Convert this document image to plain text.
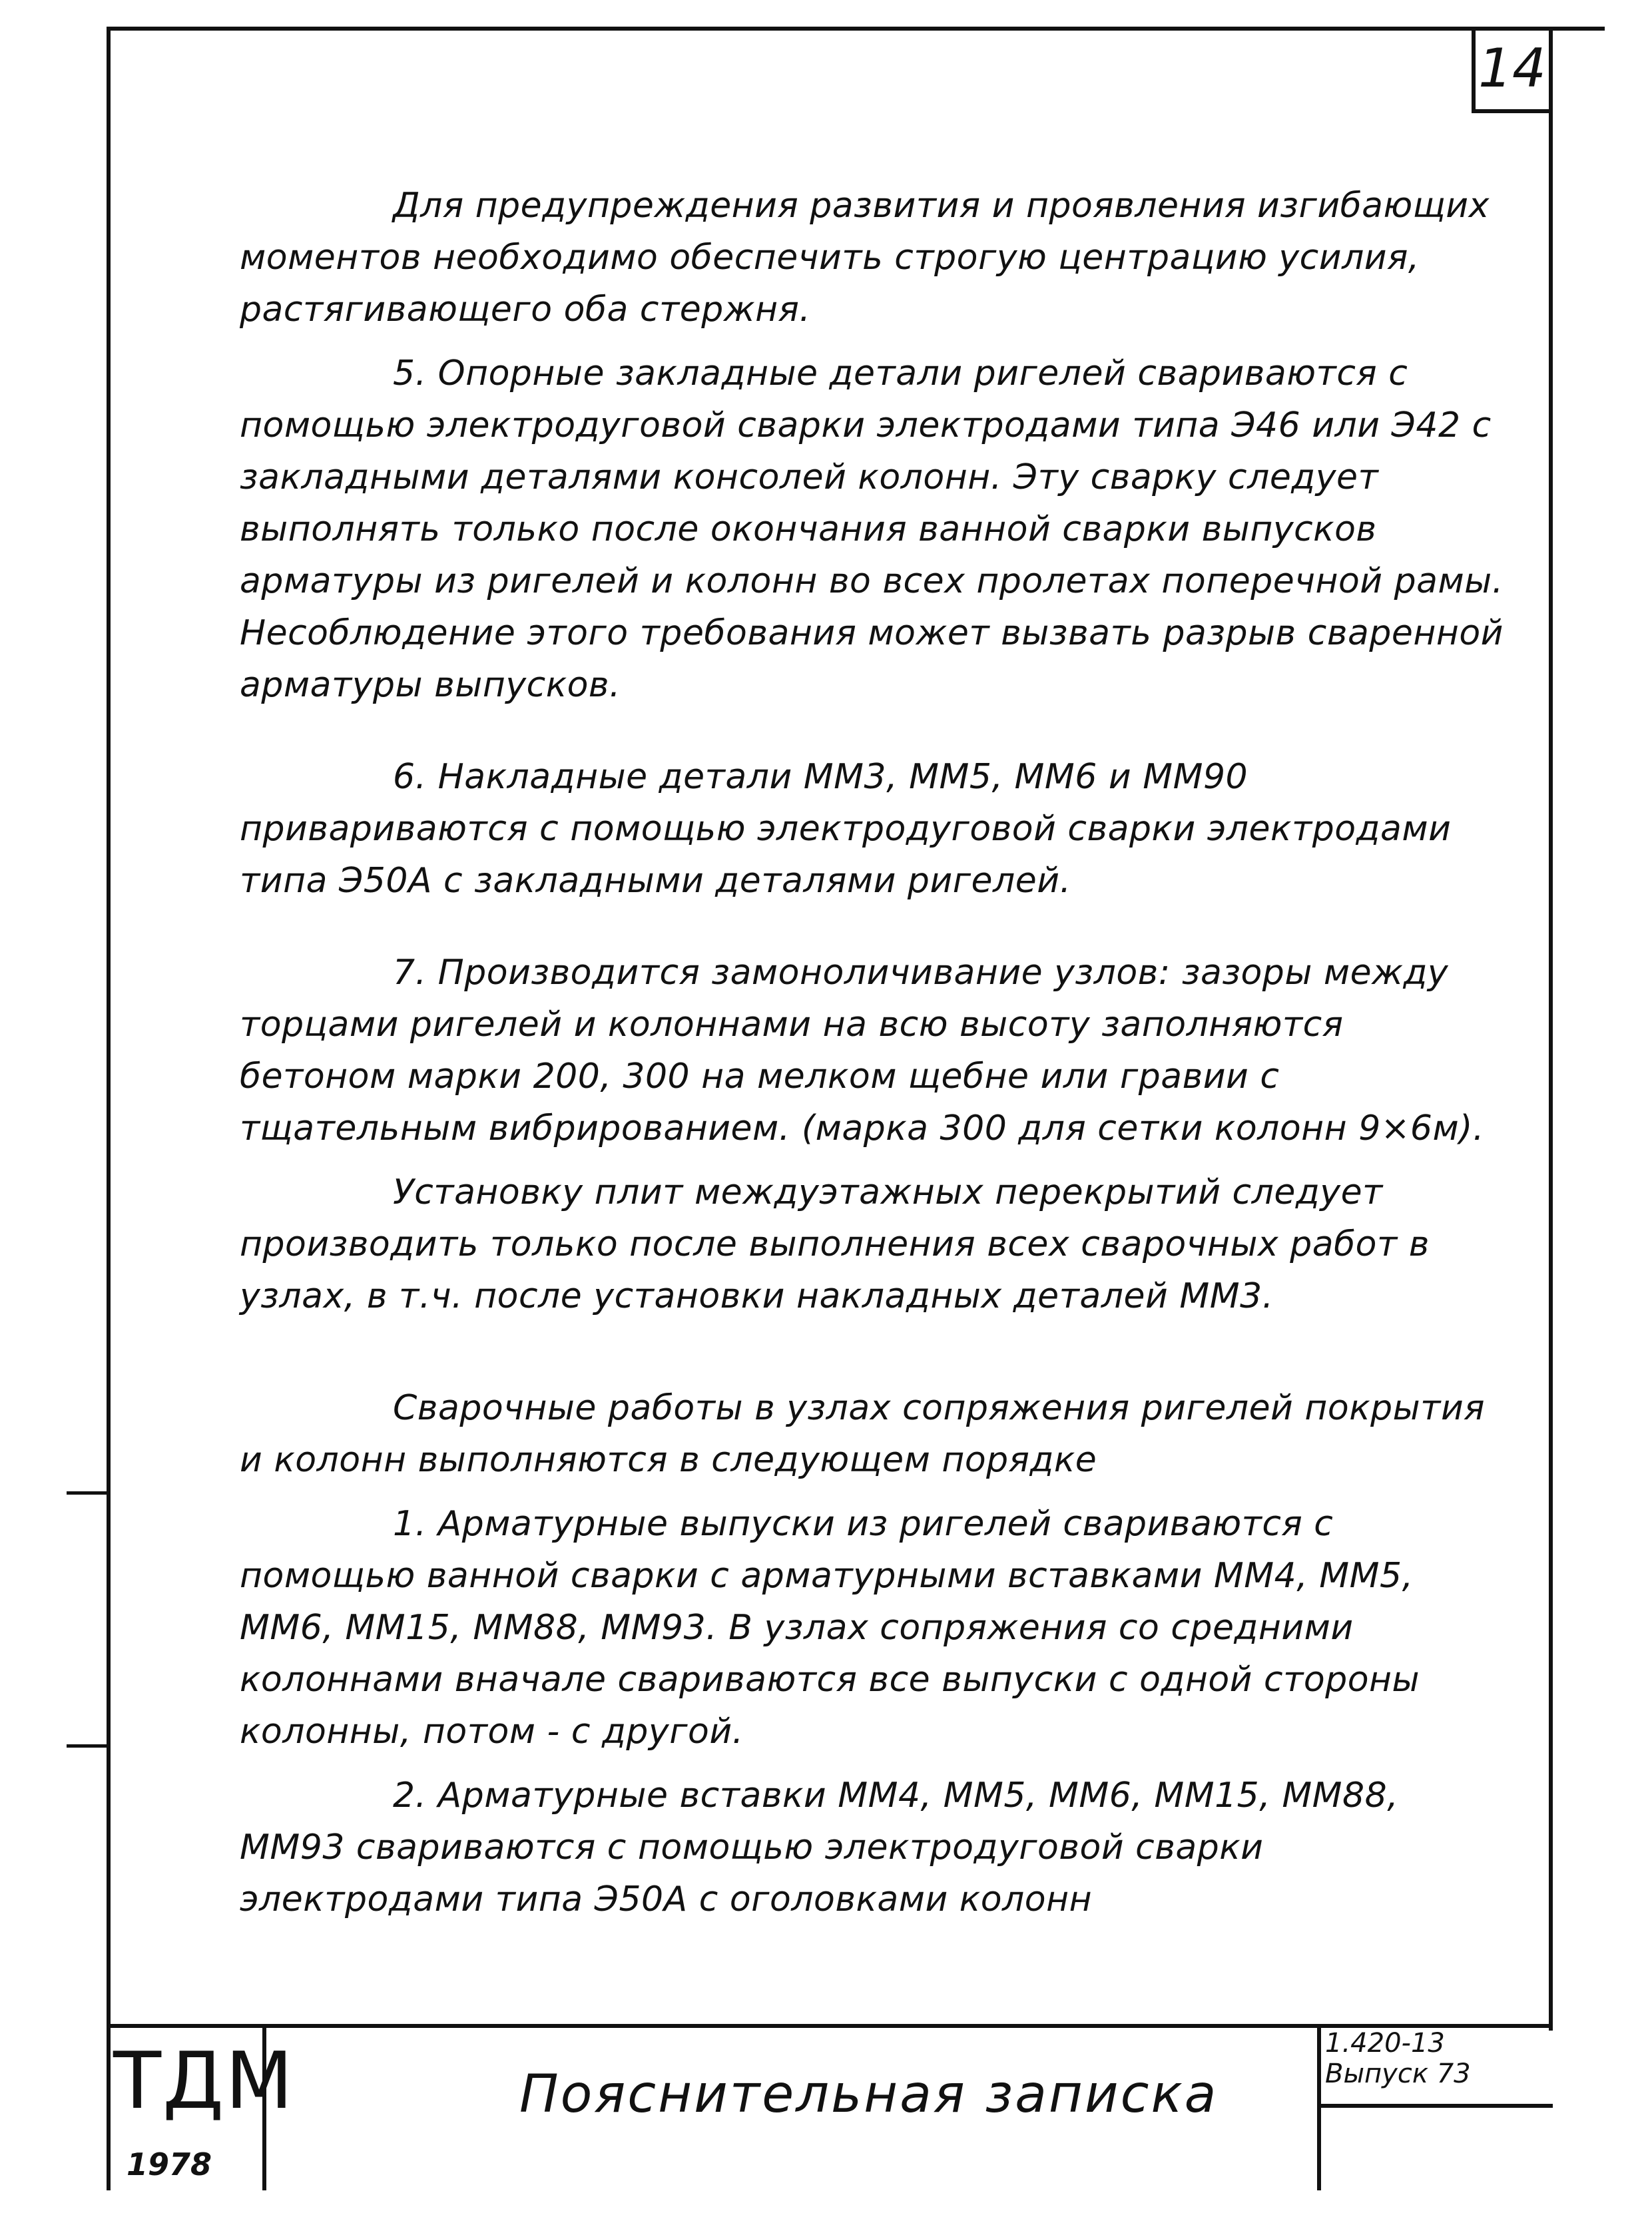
14

Для предупреждения развития и проявления изгибающих моментов необходимо обеспечить строгую центрацию усилия, растягивающего оба стержня.

5. Опорные закладные детали ригелей свариваются с помощью электродуговой сварки электродами типа Э46 или Э42 с закладными деталями консолей колонн. Эту сварку следует выполнять только после окончания ванной сварки выпусков арматуры из ригелей и колонн во всех пролетах поперечной рамы. Несоблюдение этого требования может вызвать разрыв сваренной арматуры выпусков.

6. Накладные детали ММ3, ММ5, ММ6 и ММ90 привариваются с помощью электродуговой сварки электродами типа Э50А с закладными деталями ригелей.

7. Производится замоноличивание узлов: зазоры между торцами ригелей и колоннами на всю высоту заполняются бетоном марки 200, 300 на мелком щебне или гравии с тщательным вибрированием. (марка 300 для сетки колонн 9×6м).

Установку плит междуэтажных перекрытий следует производить только после выполнения всех сварочных работ в узлах, в т.ч. после установки накладных деталей ММ3.

Сварочные работы в узлах сопряжения ригелей покрытия и колонн выполняются в следующем порядке

1. Арматурные выпуски из ригелей свариваются с помощью ванной сварки с арматурными вставками ММ4, ММ5, ММ6, ММ15, ММ88, ММ93. В узлах сопряжения со средними колоннами вначале свариваются все выпуски с одной стороны колонны, потом - с другой.

2. Арматурные вставки ММ4, ММ5, ММ6, ММ15, ММ88, ММ93 свариваются с помощью электродуговой сварки электродами типа Э50А с оголовками колонн

ТДМ
1978
Пояснительная записка
1.420-13
Выпуск 73
